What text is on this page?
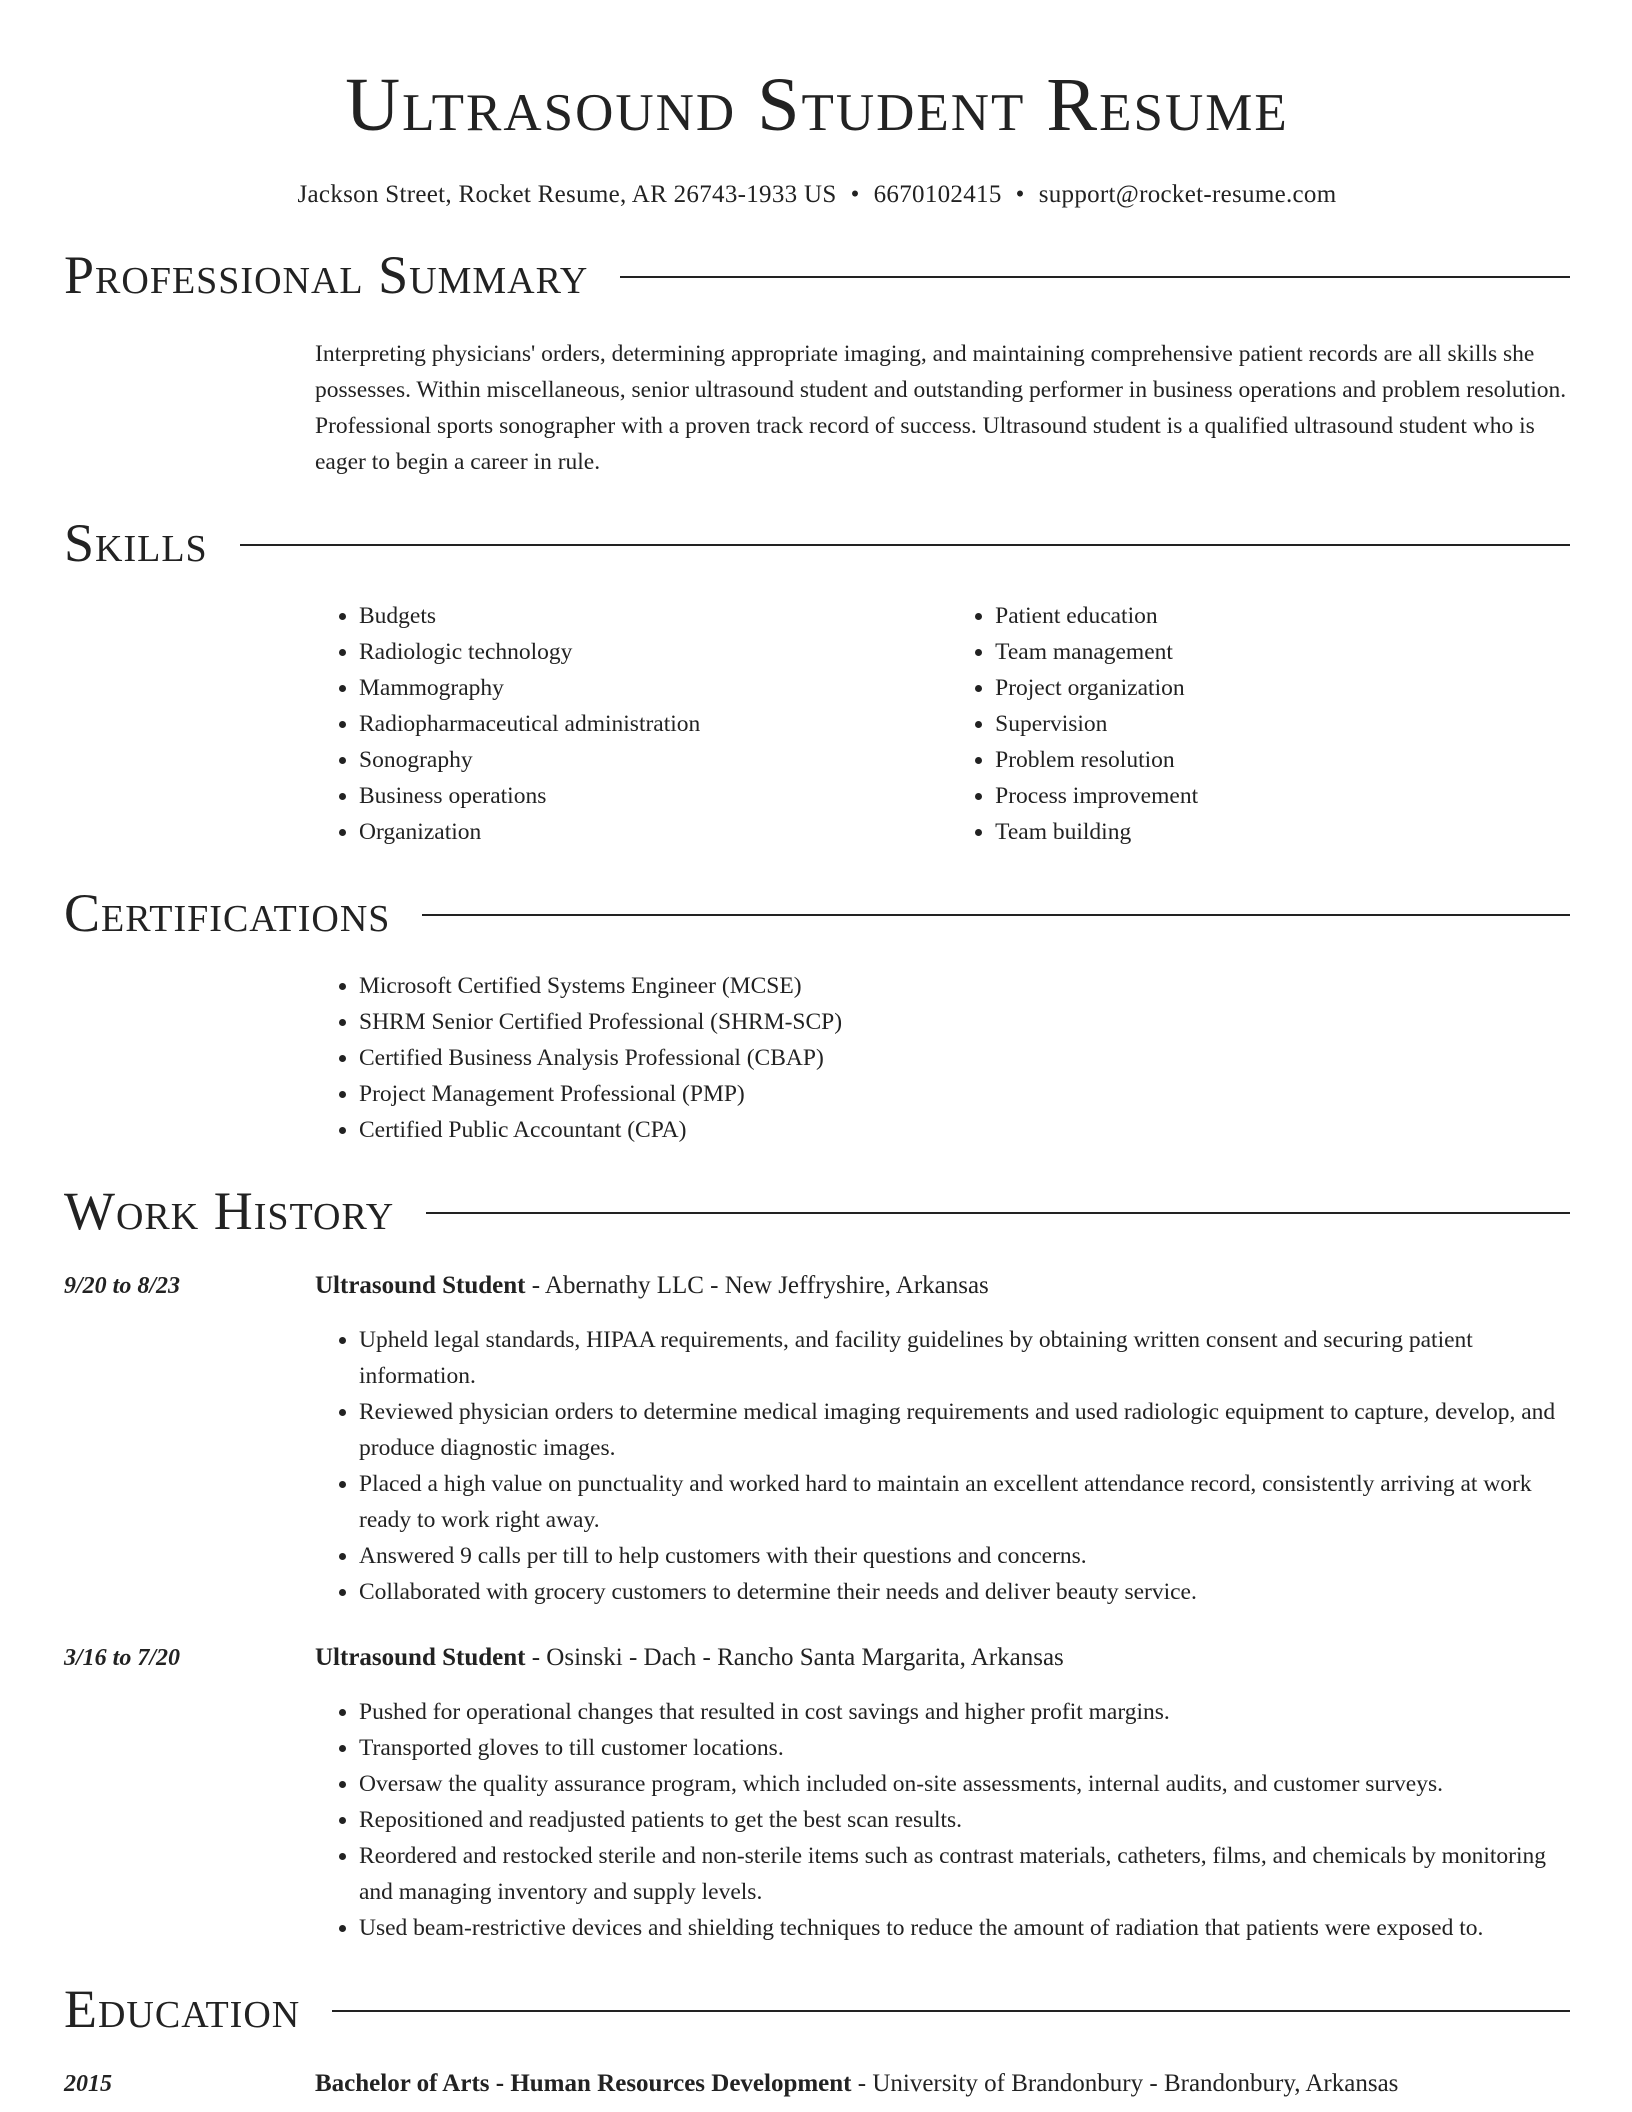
Ultrasound Student Resume
Jackson Street, Rocket Resume, AR 26743-1933 US • 6670102415 • support@rocket-resume.com
Professional Summary
Interpreting physicians' orders, determining appropriate imaging, and maintaining comprehensive patient records are all skills she possesses. Within miscellaneous, senior ultrasound student and outstanding performer in business operations and problem resolution. Professional sports sonographer with a proven track record of success. Ultrasound student is a qualified ultrasound student who is eager to begin a career in rule.
Skills
• Budgets
• Radiologic technology
• Mammography
• Radiopharmaceutical administration
• Sonography
• Business operations
• Organization
• Patient education
• Team management
• Project organization
• Supervision
• Problem resolution
• Process improvement
• Team building
Certifications
• Microsoft Certified Systems Engineer (MCSE)
• SHRM Senior Certified Professional (SHRM-SCP)
• Certified Business Analysis Professional (CBAP)
• Project Management Professional (PMP)
• Certified Public Accountant (CPA)
Work History
9/20 to 8/23	Ultrasound Student - Abernathy LLC - New Jeffryshire, Arkansas
• Upheld legal standards, HIPAA requirements, and facility guidelines by obtaining written consent and securing patient information.
• Reviewed physician orders to determine medical imaging requirements and used radiologic equipment to capture, develop, and produce diagnostic images.
• Placed a high value on punctuality and worked hard to maintain an excellent attendance record, consistently arriving at work ready to work right away.
• Answered 9 calls per till to help customers with their questions and concerns.
• Collaborated with grocery customers to determine their needs and deliver beauty service.
3/16 to 7/20	Ultrasound Student - Osinski - Dach - Rancho Santa Margarita, Arkansas
• Pushed for operational changes that resulted in cost savings and higher profit margins.
• Transported gloves to till customer locations.
• Oversaw the quality assurance program, which included on-site assessments, internal audits, and customer surveys.
• Repositioned and readjusted patients to get the best scan results.
• Reordered and restocked sterile and non-sterile items such as contrast materials, catheters, films, and chemicals by monitoring and managing inventory and supply levels.
• Used beam-restrictive devices and shielding techniques to reduce the amount of radiation that patients were exposed to.
Education
2015	Bachelor of Arts - Human Resources Development - University of Brandonbury - Brandonbury, Arkansas
